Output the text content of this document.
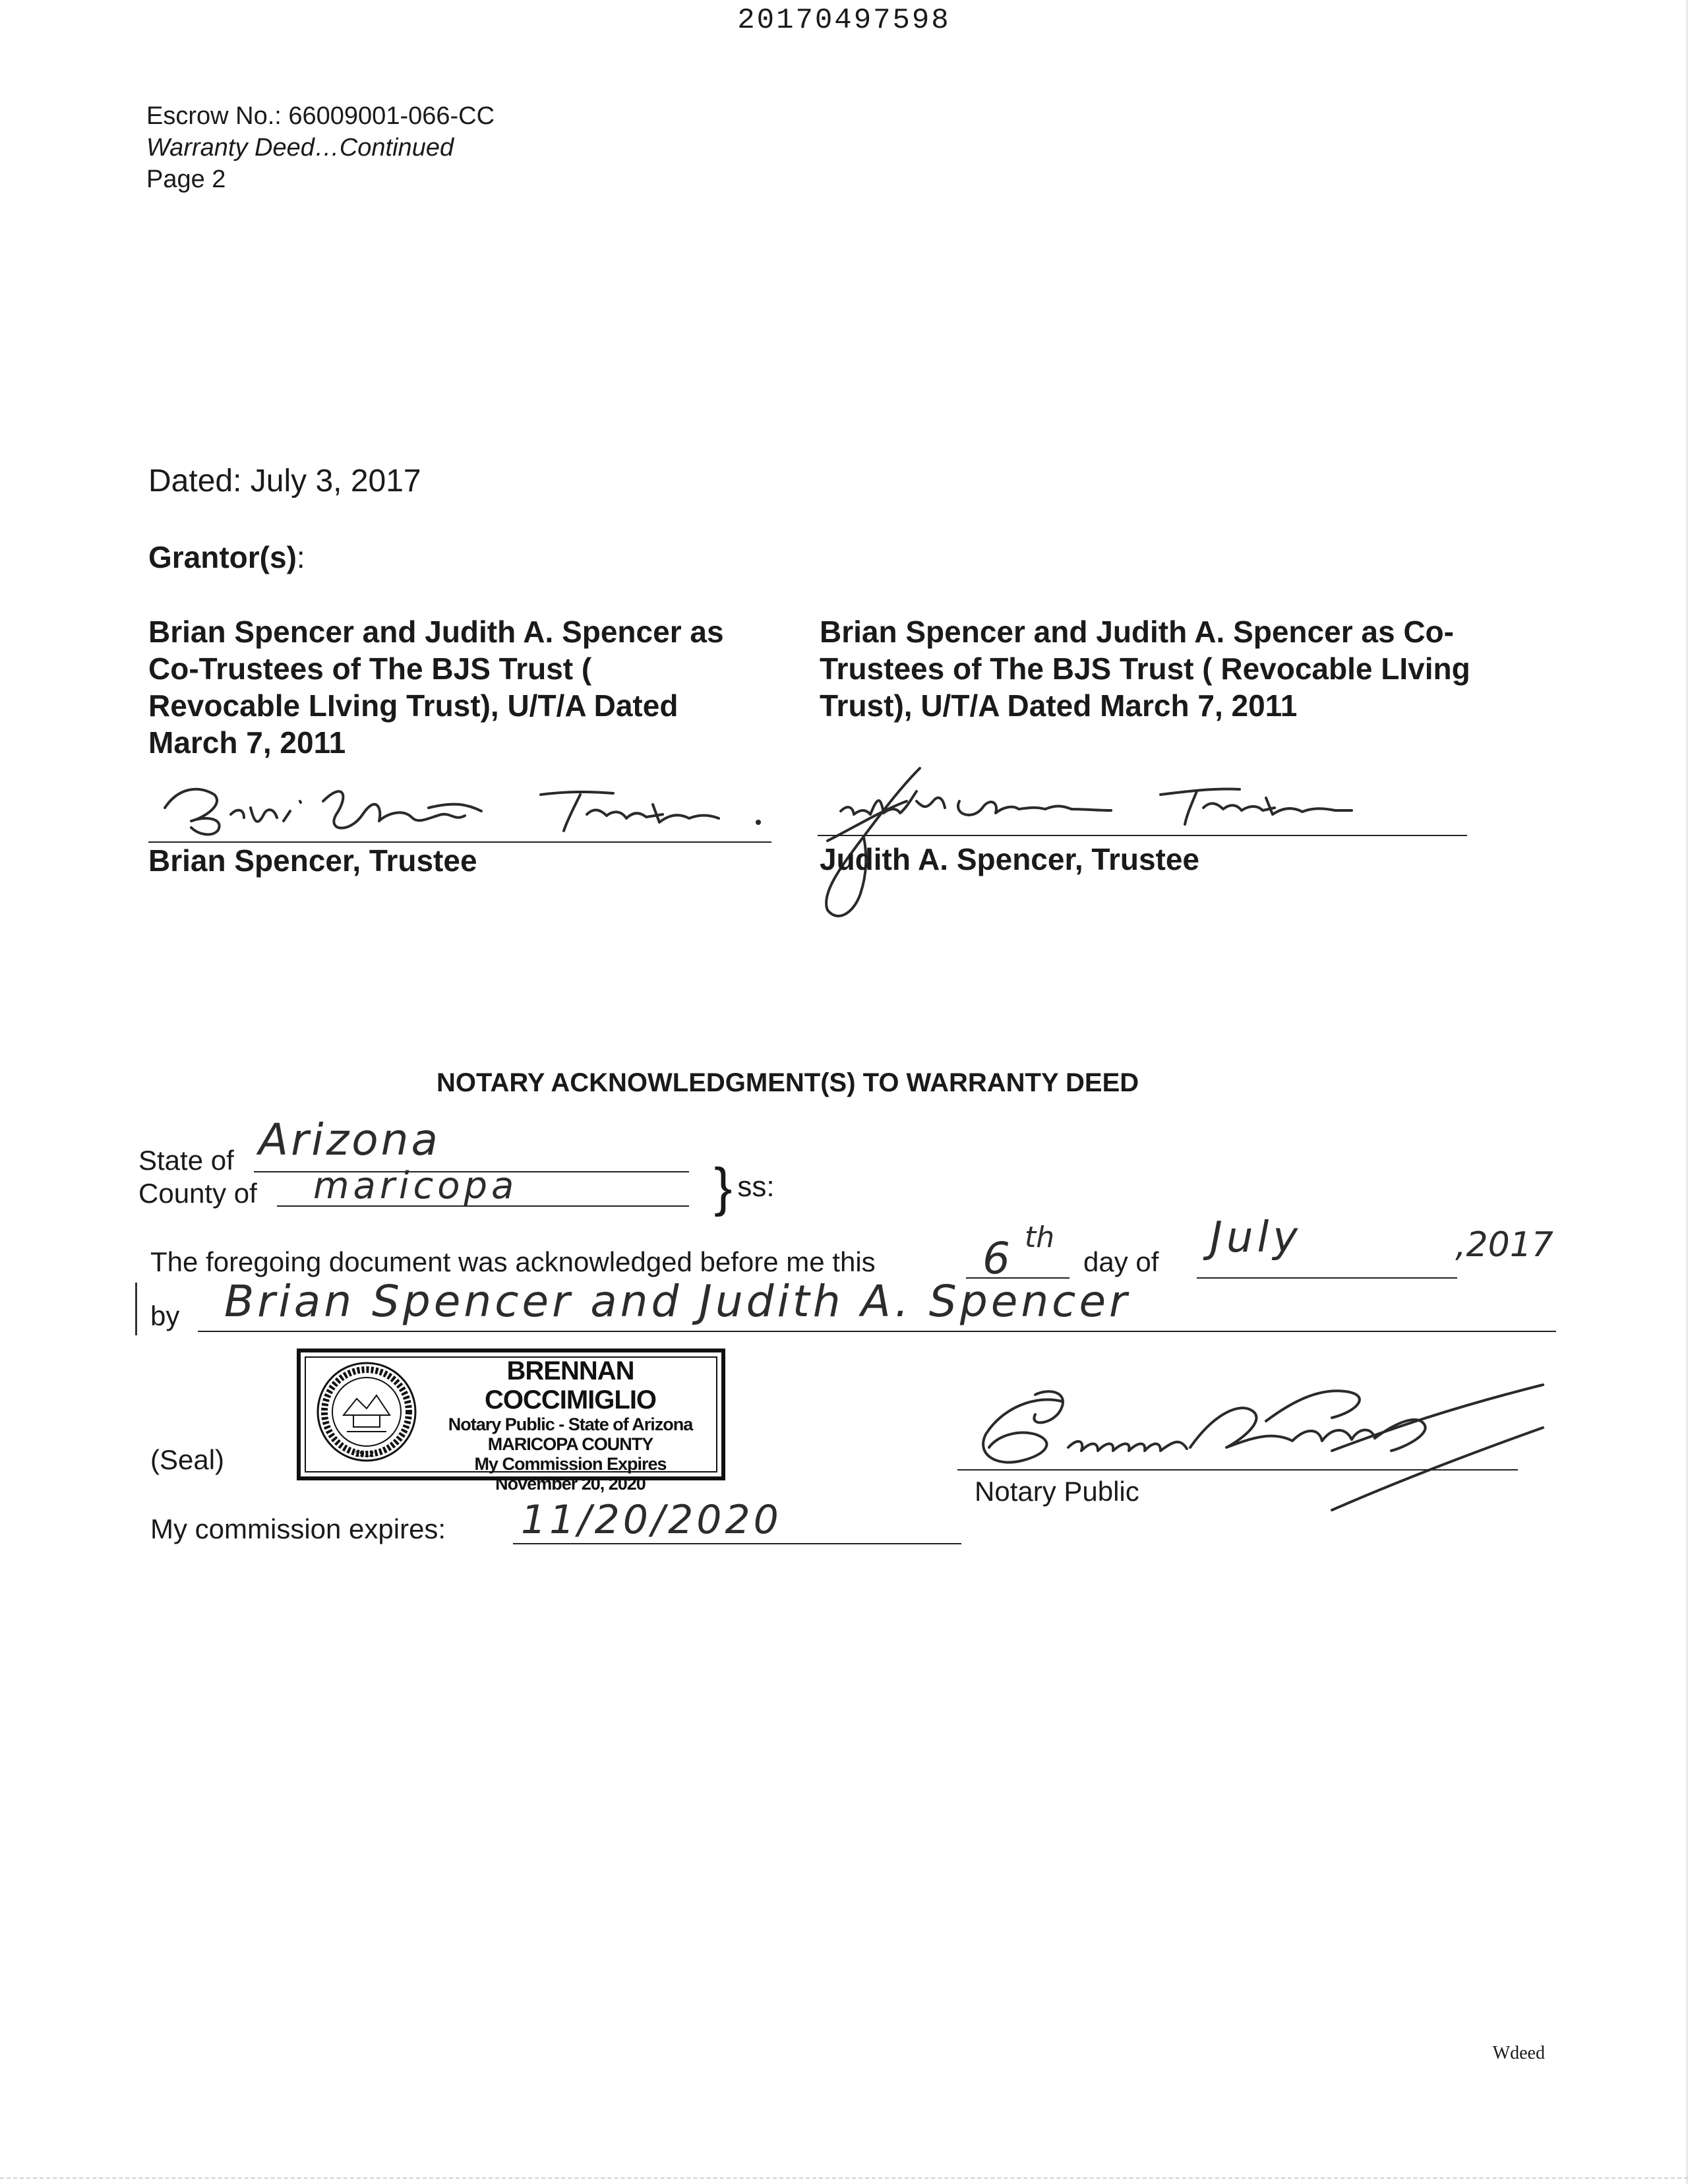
20170497598
Escrow No.: 66009001-066-CC
Warranty Deed…Continued
Page 2
Dated: July 3, 2017
Grantor(s):
Brian Spencer and Judith A. Spencer as Co-Trustees of The BJS Trust ( Revocable LIving Trust), U/T/A Dated March 7, 2011
Brian Spencer and Judith A. Spencer as Co-Trustees of The BJS Trust ( Revocable LIving Trust), U/T/A Dated March 7, 2011
Brian Spencer, Trustee	Judith A. Spencer, Trustee
NOTARY ACKNOWLEDGMENT(S) TO WARRANTY DEED
State of Arizona
County of maricopa	} ss:
The foregoing document was acknowledged before me this 6 th
day of July	,2017
by Brian Spencer and Judith A. Spencer
(Seal)	1912
BRENNAN COCCIMIGLIO
Notary Public - State of Arizona
MARICOPA COUNTY
My Commission Expires
November 20, 2020	Notary Public
My commission expires: 11/20/2020
Wdeed
